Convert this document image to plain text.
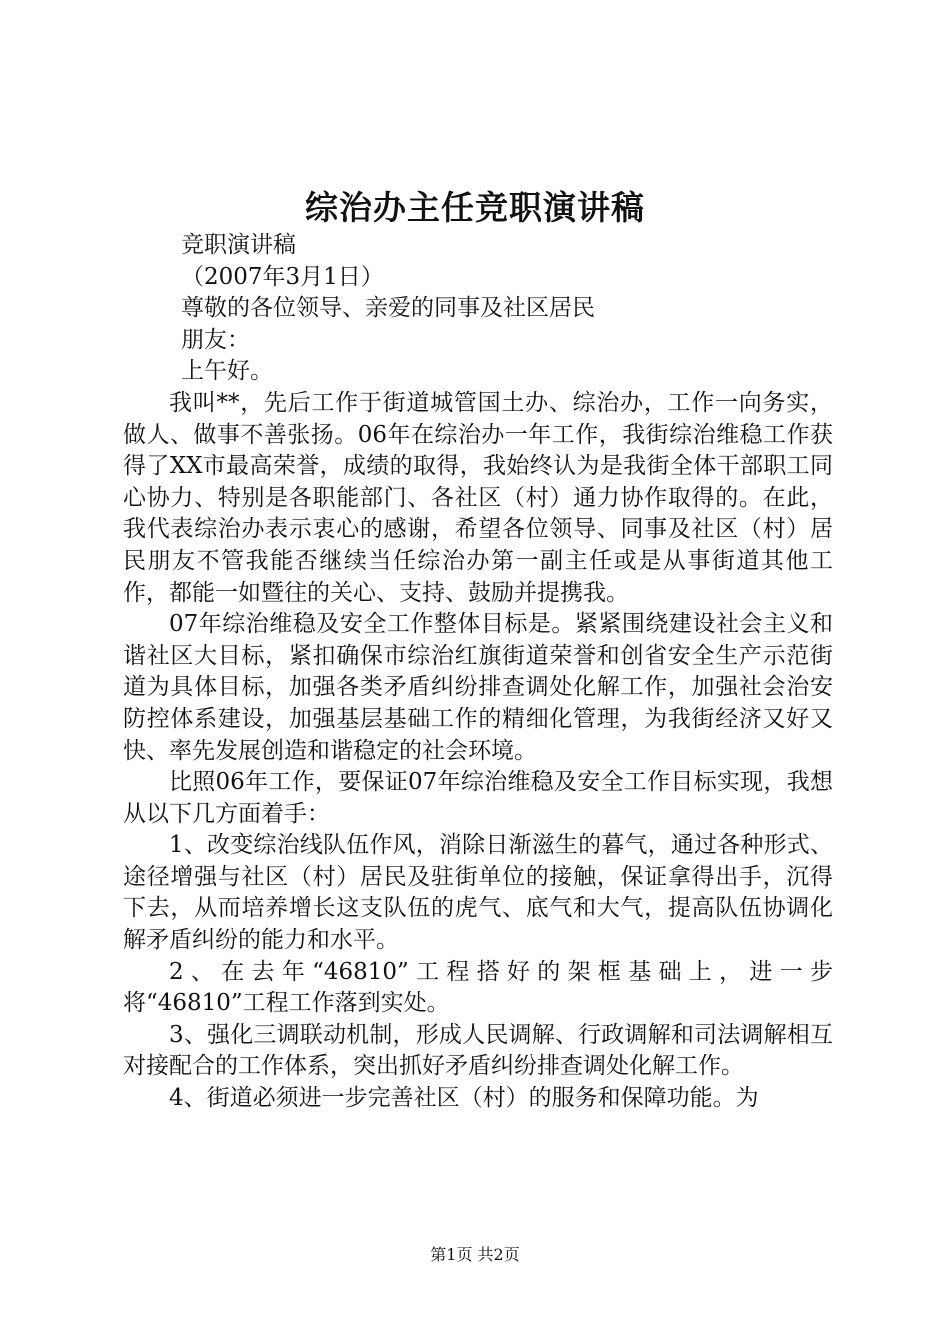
综治办主任竞职演讲稿

竞职演讲稿

（2007年3月1日）

尊敬的各位领导、亲爱的同事及社区居民

朋友：

上午好。

我叫**，先后工作于街道城管国土办、综治办，工作一向务实，做人、做事不善张扬。06年在综治办一年工作，我街综治维稳工作获得了XX市最高荣誉，成绩的取得，我始终认为是我街全体干部职工同心协力、特别是各职能部门、各社区（村）通力协作取得的。在此，我代表综治办表示衷心的感谢，希望各位领导、同事及社区（村）居民朋友不管我能否继续当任综治办第一副主任或是从事街道其他工作，都能一如暨往的关心、支持、鼓励并提携我。

07年综治维稳及安全工作整体目标是。紧紧围绕建设社会主义和谐社区大目标，紧扣确保市综治红旗街道荣誉和创省安全生产示范街道为具体目标，加强各类矛盾纠纷排查调处化解工作，加强社会治安防控体系建设，加强基层基础工作的精细化管理，为我街经济又好又快、率先发展创造和谐稳定的社会环境。

比照06年工作，要保证07年综治维稳及安全工作目标实现，我想从以下几方面着手：

1、改变综治线队伍作风，消除日渐滋生的暮气，通过各种形式、途径增强与社区（村）居民及驻街单位的接触，保证拿得出手，沉得下去，从而培养增长这支队伍的虎气、底气和大气，提高队伍协调化解矛盾纠纷的能力和水平。

2、在去年“46810”工程搭好的架框基础上，进一步将“46810”工程工作落到实处。

3、强化三调联动机制，形成人民调解、行政调解和司法调解相互对接配合的工作体系，突出抓好矛盾纠纷排查调处化解工作。

4、街道必须进一步完善社区（村）的服务和保障功能。为

第1页 共2页
